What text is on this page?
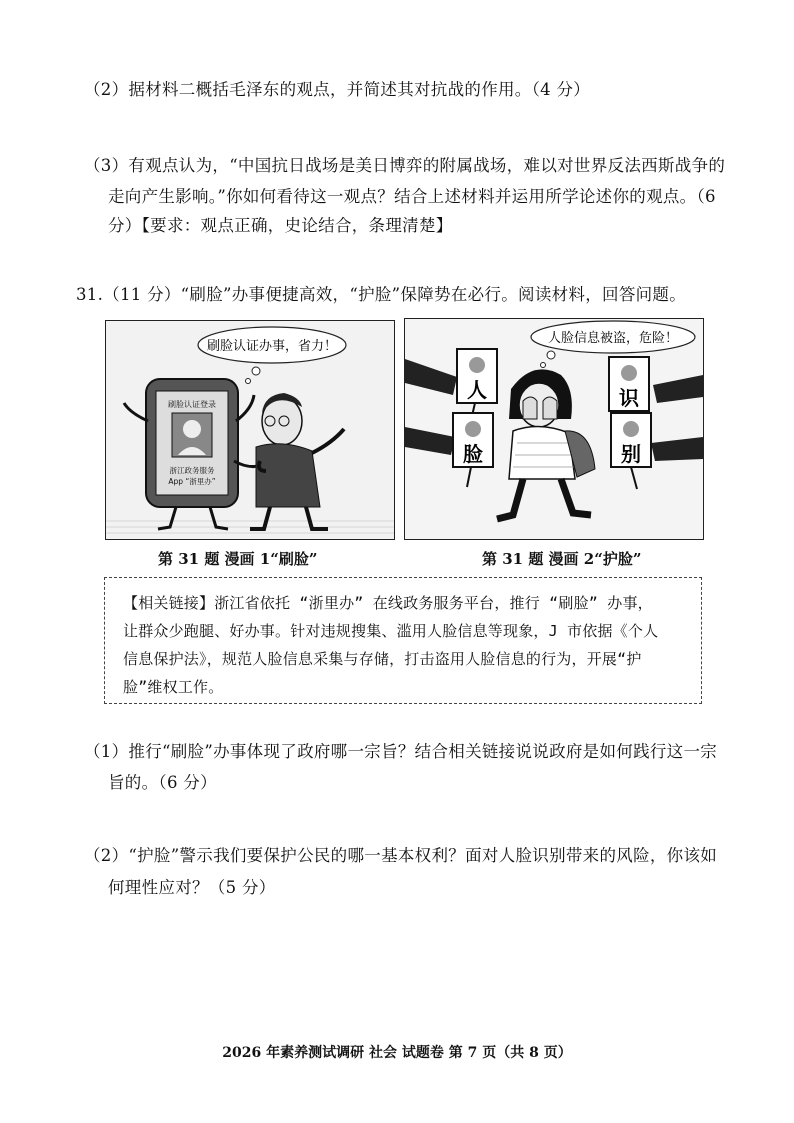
（2）据材料二概括毛泽东的观点，并简述其对抗战的作用。（4 分）
（3）有观点认为，“中国抗日战场是美日博弈的附属战场，难以对世界反法西斯战争的
走向产生影响。”你如何看待这一观点？结合上述材料并运用所学论述你的观点。（6
分）【要求：观点正确，史论结合，条理清楚】
31.（11 分）“刷脸”办事便捷高效，“护脸”保障势在必行。阅读材料，回答问题。
刷脸认证办事，省力！
刷脸认证登录
浙江政务服务
App “浙里办”
第 31 题 漫画 1“刷脸”
人脸信息被盗，危险！
人
脸
识
别
第 31 题 漫画 2“护脸”
【相关链接】浙江省依托 “浙里办” 在线政务服务平台，推行 “刷脸” 办事，
让群众少跑腿、好办事。针对违规搜集、滥用人脸信息等现象，J 市依据《个人
信息保护法》，规范人脸信息采集与存储，打击盗用人脸信息的行为，开展“护
脸”维权工作。
（1）推行“刷脸”办事体现了政府哪一宗旨？结合相关链接说说政府是如何践行这一宗
旨的。（6 分）
（2）“护脸”警示我们要保护公民的哪一基本权利？面对人脸识别带来的风险，你该如
何理性应对？（5 分）
2026 年素养测试调研 社会 试题卷 第 7 页（共 8 页）
